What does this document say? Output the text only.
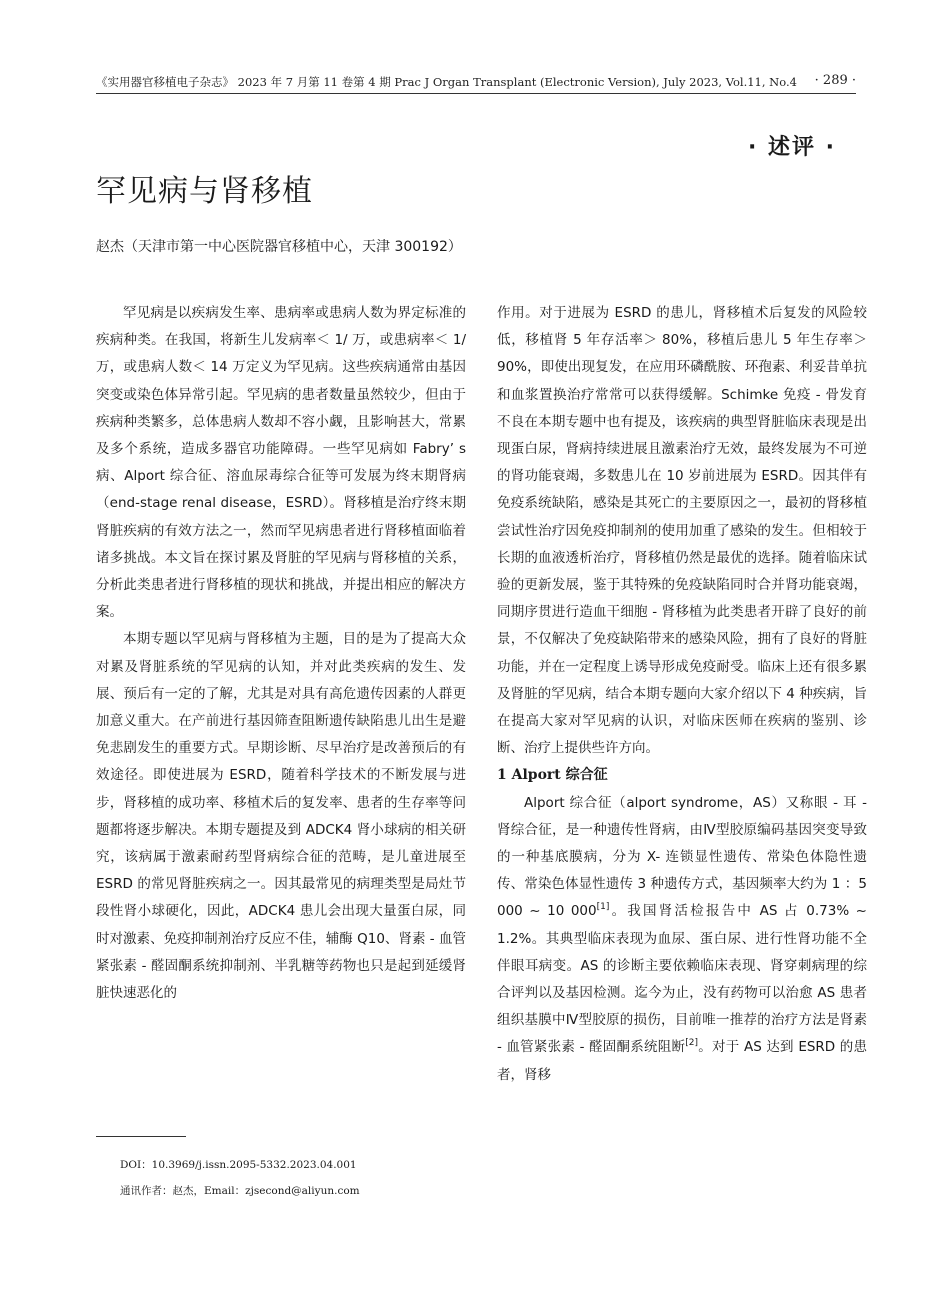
《实用器官移植电子杂志》 2023 年 7 月第 11 卷第 4 期 Prac J Organ Transplant (Electronic Version), July 2023, Vol.11, No.4 · 289 ·
· 述评 ·
罕见病与肾移植
赵杰（天津市第一中心医院器官移植中心，天津 300192）

罕见病是以疾病发生率、患病率或患病人数为界定标准的疾病种类。在我国，将新生儿发病率＜ 1/ 万，或患病率＜ 1/ 万，或患病人数＜ 14 万定义为罕见病。这些疾病通常由基因突变或染色体异常引起。罕见病的患者数量虽然较少，但由于疾病种类繁多，总体患病人数却不容小觑，且影响甚大，常累及多个系统，造成多器官功能障碍。一些罕见病如 Fabry’ s 病、Alport 综合征、溶血尿毒综合征等可发展为终末期肾病（end-stage renal disease，ESRD）。肾移植是治疗终末期肾脏疾病的有效方法之一，然而罕见病患者进行肾移植面临着诸多挑战。本文旨在探讨累及肾脏的罕见病与肾移植的关系，分析此类患者进行肾移植的现状和挑战，并提出相应的解决方案。

本期专题以罕见病与肾移植为主题，目的是为了提高大众对累及肾脏系统的罕见病的认知，并对此类疾病的发生、发展、预后有一定的了解，尤其是对具有高危遗传因素的人群更加意义重大。在产前进行基因筛查阻断遗传缺陷患儿出生是避免悲剧发生的重要方式。早期诊断、尽早治疗是改善预后的有效途径。即使进展为 ESRD，随着科学技术的不断发展与进步，肾移植的成功率、移植术后的复发率、患者的生存率等问题都将逐步解决。本期专题提及到 ADCK4 肾小球病的相关研究，该病属于激素耐药型肾病综合征的范畴，是儿童进展至 ESRD 的常见肾脏疾病之一。因其最常见的病理类型是局灶节段性肾小球硬化，因此，ADCK4 患儿会出现大量蛋白尿，同时对激素、免疫抑制剂治疗反应不佳，辅酶 Q10、肾素 - 血管紧张素 - 醛固酮系统抑制剂、半乳糖等药物也只是起到延缓肾脏快速恶化的

作用。对于进展为 ESRD 的患儿，肾移植术后复发的风险较低，移植肾 5 年存活率＞ 80%，移植后患儿 5 年生存率＞ 90%，即使出现复发，在应用环磷酰胺、环孢素、利妥昔单抗和血浆置换治疗常常可以获得缓解。Schimke 免疫 - 骨发育不良在本期专题中也有提及，该疾病的典型肾脏临床表现是出现蛋白尿，肾病持续进展且激素治疗无效，最终发展为不可逆的肾功能衰竭，多数患儿在 10 岁前进展为 ESRD。因其伴有免疫系统缺陷，感染是其死亡的主要原因之一，最初的肾移植尝试性治疗因免疫抑制剂的使用加重了感染的发生。但相较于长期的血液透析治疗，肾移植仍然是最优的选择。随着临床试验的更新发展，鉴于其特殊的免疫缺陷同时合并肾功能衰竭，同期序贯进行造血干细胞 - 肾移植为此类患者开辟了良好的前景，不仅解决了免疫缺陷带来的感染风险，拥有了良好的肾脏功能，并在一定程度上诱导形成免疫耐受。临床上还有很多累及肾脏的罕见病，结合本期专题向大家介绍以下 4 种疾病，旨在提高大家对罕见病的认识，对临床医师在疾病的鉴别、诊断、治疗上提供些许方向。

1 Alport 综合征

Alport 综合征（alport syndrome，AS）又称眼 - 耳 - 肾综合征，是一种遗传性肾病，由Ⅳ型胶原编码基因突变导致的一种基底膜病，分为 X- 连锁显性遗传、常染色体隐性遗传、常染色体显性遗传 3 种遗传方式，基因频率大约为 1 ：5 000 ~ 10 000[1]。我国肾活检报告中 AS 占 0.73% ~ 1.2%。其典型临床表现为血尿、蛋白尿、进行性肾功能不全伴眼耳病变。AS 的诊断主要依赖临床表现、肾穿刺病理的综合评判以及基因检测。迄今为止，没有药物可以治愈 AS 患者组织基膜中Ⅳ型胶原的损伤，目前唯一推荐的治疗方法是肾素 - 血管紧张素 - 醛固酮系统阻断[2]。对于 AS 达到 ESRD 的患者，肾移

DOI：10.3969/j.issn.2095-5332.2023.04.001
通讯作者：赵杰，Email：zjsecond@aliyun.com
